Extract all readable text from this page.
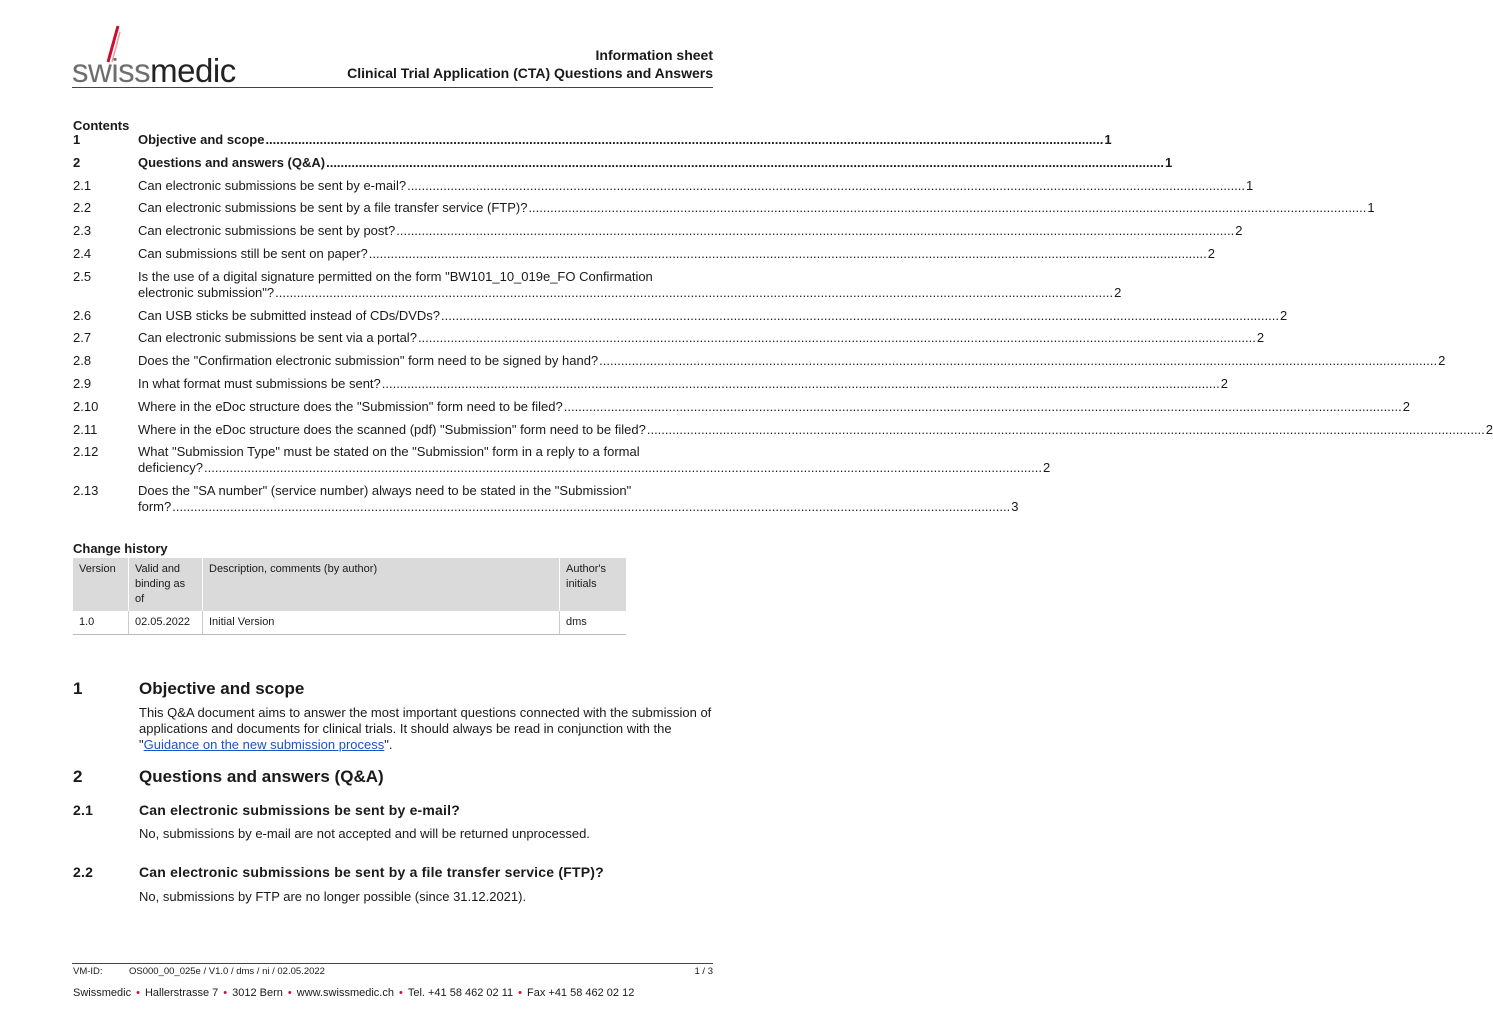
swissmedic	Information sheet
Clinical Trial Application (CTA) Questions and Answers
Contents
1	Objective and scope .....	1
2	Questions and answers (Q&A) .....	1
2.1	Can electronic submissions be sent by e-mail? .....	1
2.2	Can electronic submissions be sent by a file transfer service (FTP)? .....	1
2.3	Can electronic submissions be sent by post? .....	2
2.4	Can submissions still be sent on paper? .....	2
2.5	Is the use of a digital signature permitted on the form "BW101_10_019e_FO Confirmation
electronic submission"? .....	2
2.6	Can USB sticks be submitted instead of CDs/DVDs? .....	2
2.7	Can electronic submissions be sent via a portal? .....	2
2.8	Does the "Confirmation electronic submission" form need to be signed by hand? .....	2
2.9	In what format must submissions be sent? .....	2
2.10	Where in the eDoc structure does the "Submission" form need to be filed? .....	2
2.11	Where in the eDoc structure does the scanned (pdf) "Submission" form need to be filed? .....	2
2.12	What "Submission Type" must be stated on the "Submission" form in a reply to a formal
deficiency? .....	2
2.13	Does the "SA number" (service number) always need to be stated in the "Submission"
form? .....	3
Change history
Version	Valid and binding as of	Description, comments (by author)	Author's initials
1.0	02.05.2022	Initial Version	dms
1	Objective and scope
This Q&A document aims to answer the most important questions connected with the submission of applications and documents for clinical trials. It should always be read in conjunction with the "Guidance on the new submission process".
2	Questions and answers (Q&A)
2.1	Can electronic submissions be sent by e-mail?
No, submissions by e-mail are not accepted and will be returned unprocessed.
2.2	Can electronic submissions be sent by a file transfer service (FTP)?
No, submissions by FTP are no longer possible (since 31.12.2021).
VM-ID:	OS000_00_025e / V1.0 / dms / ni / 02.05.2022	1 / 3
Swissmedic • Hallerstrasse 7 • 3012 Bern • www.swissmedic.ch • Tel. +41 58 462 02 11 • Fax +41 58 462 02 12
